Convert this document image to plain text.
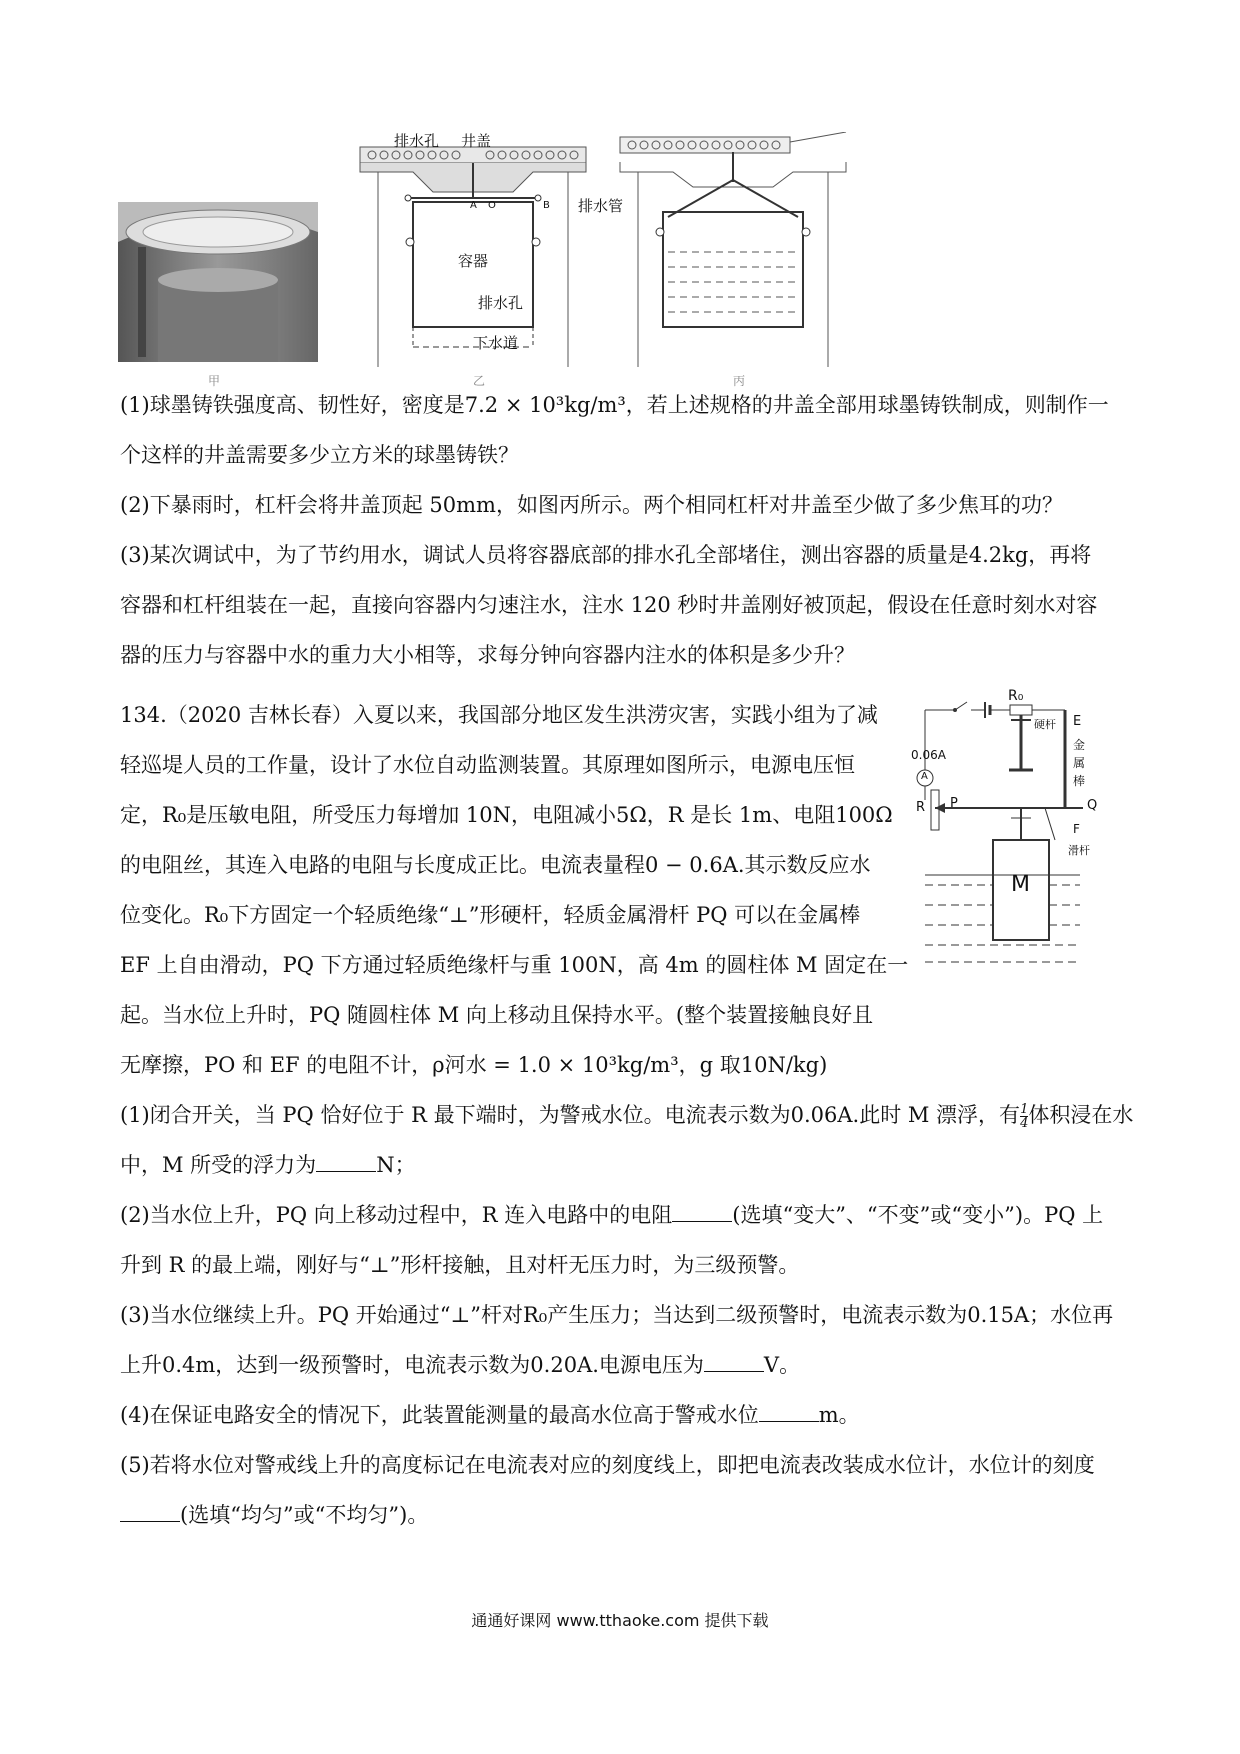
甲
排水孔 井盖
排水管
容器
排水孔
下水道
A O	B
乙	丙
(1)球墨铸铁强度高、韧性好，密度是7.2 × 10³kg/m³，若上述规格的井盖全部用球墨铸铁制成，则制作一
个这样的井盖需要多少立方米的球墨铸铁？
(2)下暴雨时，杠杆会将井盖顶起 50mm，如图丙所示。两个相同杠杆对井盖至少做了多少焦耳的功？
(3)某次调试中，为了节约用水，调试人员将容器底部的排水孔全部堵住，测出容器的质量是4.2kg，再将
容器和杠杆组装在一起，直接向容器内匀速注水，注水 120 秒时井盖刚好被顶起，假设在任意时刻水对容
器的压力与容器中水的重力大小相等，求每分钟向容器内注水的体积是多少升？
134.（2020 吉林长春）入夏以来，我国部分地区发生洪涝灾害，实践小组为了减
轻巡堤人员的工作量，设计了水位自动监测装置。其原理如图所示，电源电压恒
定，R₀是压敏电阻，所受压力每增加 10N，电阻减小5Ω，R 是长 1m、电阻100Ω
的电阻丝，其连入电路的电阻与长度成正比。电流表量程0 − 0.6A.其示数反应水
位变化。R₀下方固定一个轻质绝缘“⊥”形硬杆，轻质金属滑杆 PQ 可以在金属棒
EF 上自由滑动，PQ 下方通过轻质绝缘杆与重 100N，高 4m 的圆柱体 M 固定在一
起。当水位上升时，PQ 随圆柱体 M 向上移动且保持水平。(整个装置接触良好且
无摩擦，PO 和 EF 的电阻不计，ρ河水 = 1.0 × 10³kg/m³，g 取10N/kg)
R₀
E
硬杆
金
属
棒
0.06A
A
R P	Q
F
滑杆
M
(1)闭合开关，当 PQ 恰好位于 R 最下端时，为警戒水位。电流表示数为0.06A.此时 M 漂浮，有 $\frac{1}{4}$ 体积浸在水
中，M 所受的浮力为	N；
(2)当水位上升，PQ 向上移动过程中，R 连入电路中的电阻	(选填“变大”、“不变”或“变小”)。PQ 上
升到 R 的最上端，刚好与“⊥”形杆接触，且对杆无压力时，为三级预警。
(3)当水位继续上升。PQ 开始通过“⊥”杆对R₀产生压力；当达到二级预警时，电流表示数为0.15A；水位再
上升0.4m，达到一级预警时，电流表示数为0.20A.电源电压为	V。
(4)在保证电路安全的情况下，此装置能测量的最高水位高于警戒水位	m。
(5)若将水位对警戒线上升的高度标记在电流表对应的刻度线上，即把电流表改装成水位计，水位计的刻度
(选填“均匀”或“不均匀”)。
通通好课网 www.tthaoke.com 提供下载
